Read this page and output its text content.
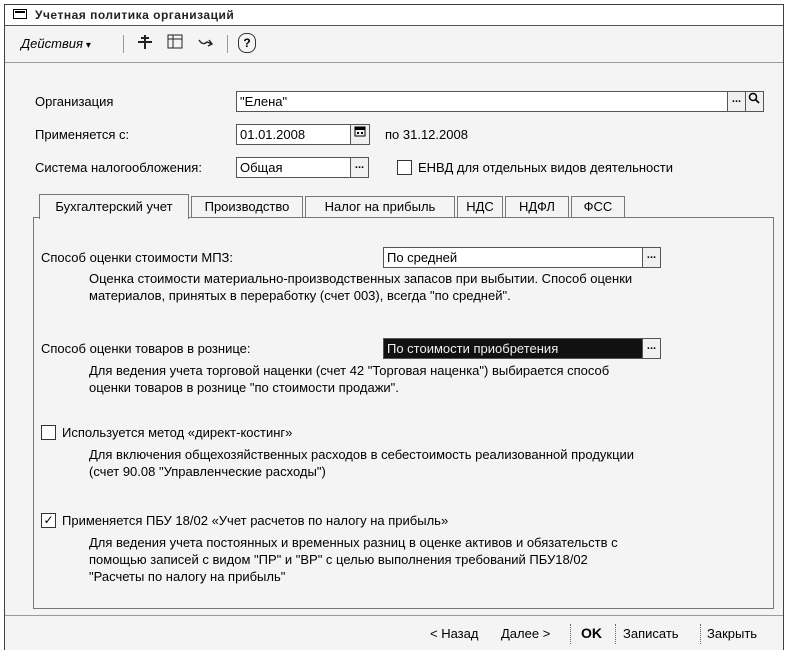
Учетная политика организаций
Действия ▾	?
Организация	"Елена"	...
Применяется с:	01.01.2008	по 31.12.2008
Система налогообложения:	Общая	...	ЕНВД для отдельных видов деятельности
Бухгалтерский учет	Производство	Налог на прибыль	НДС	НДФЛ	ФСС
Способ оценки стоимости МПЗ:	По средней	...
Оценка стоимости материально-производственных запасов при выбытии. Способ оценки
материалов, принятых в переработку (счет 003), всегда "по средней".
Способ оценки товаров в рознице:	По стоимости приобретения	...
Для ведения учета торговой наценки (счет 42 "Торговая наценка") выбирается способ
оценки товаров в рознице "по стоимости продажи".
Используется метод «директ-костинг»
Для включения общехозяйственных расходов в себестоимость реализованной продукции
(счет 90.08 "Управленческие расходы")
✓ Применяется ПБУ 18/02 «Учет расчетов по налогу на прибыль»
Для ведения учета постоянных и временных разниц в оценке активов и обязательств с
помощью записей с видом "ПР" и "ВР" с целью выполнения требований ПБУ18/02
"Расчеты по налогу на прибыль"
< Назад Далее > OK Записать Закрыть
